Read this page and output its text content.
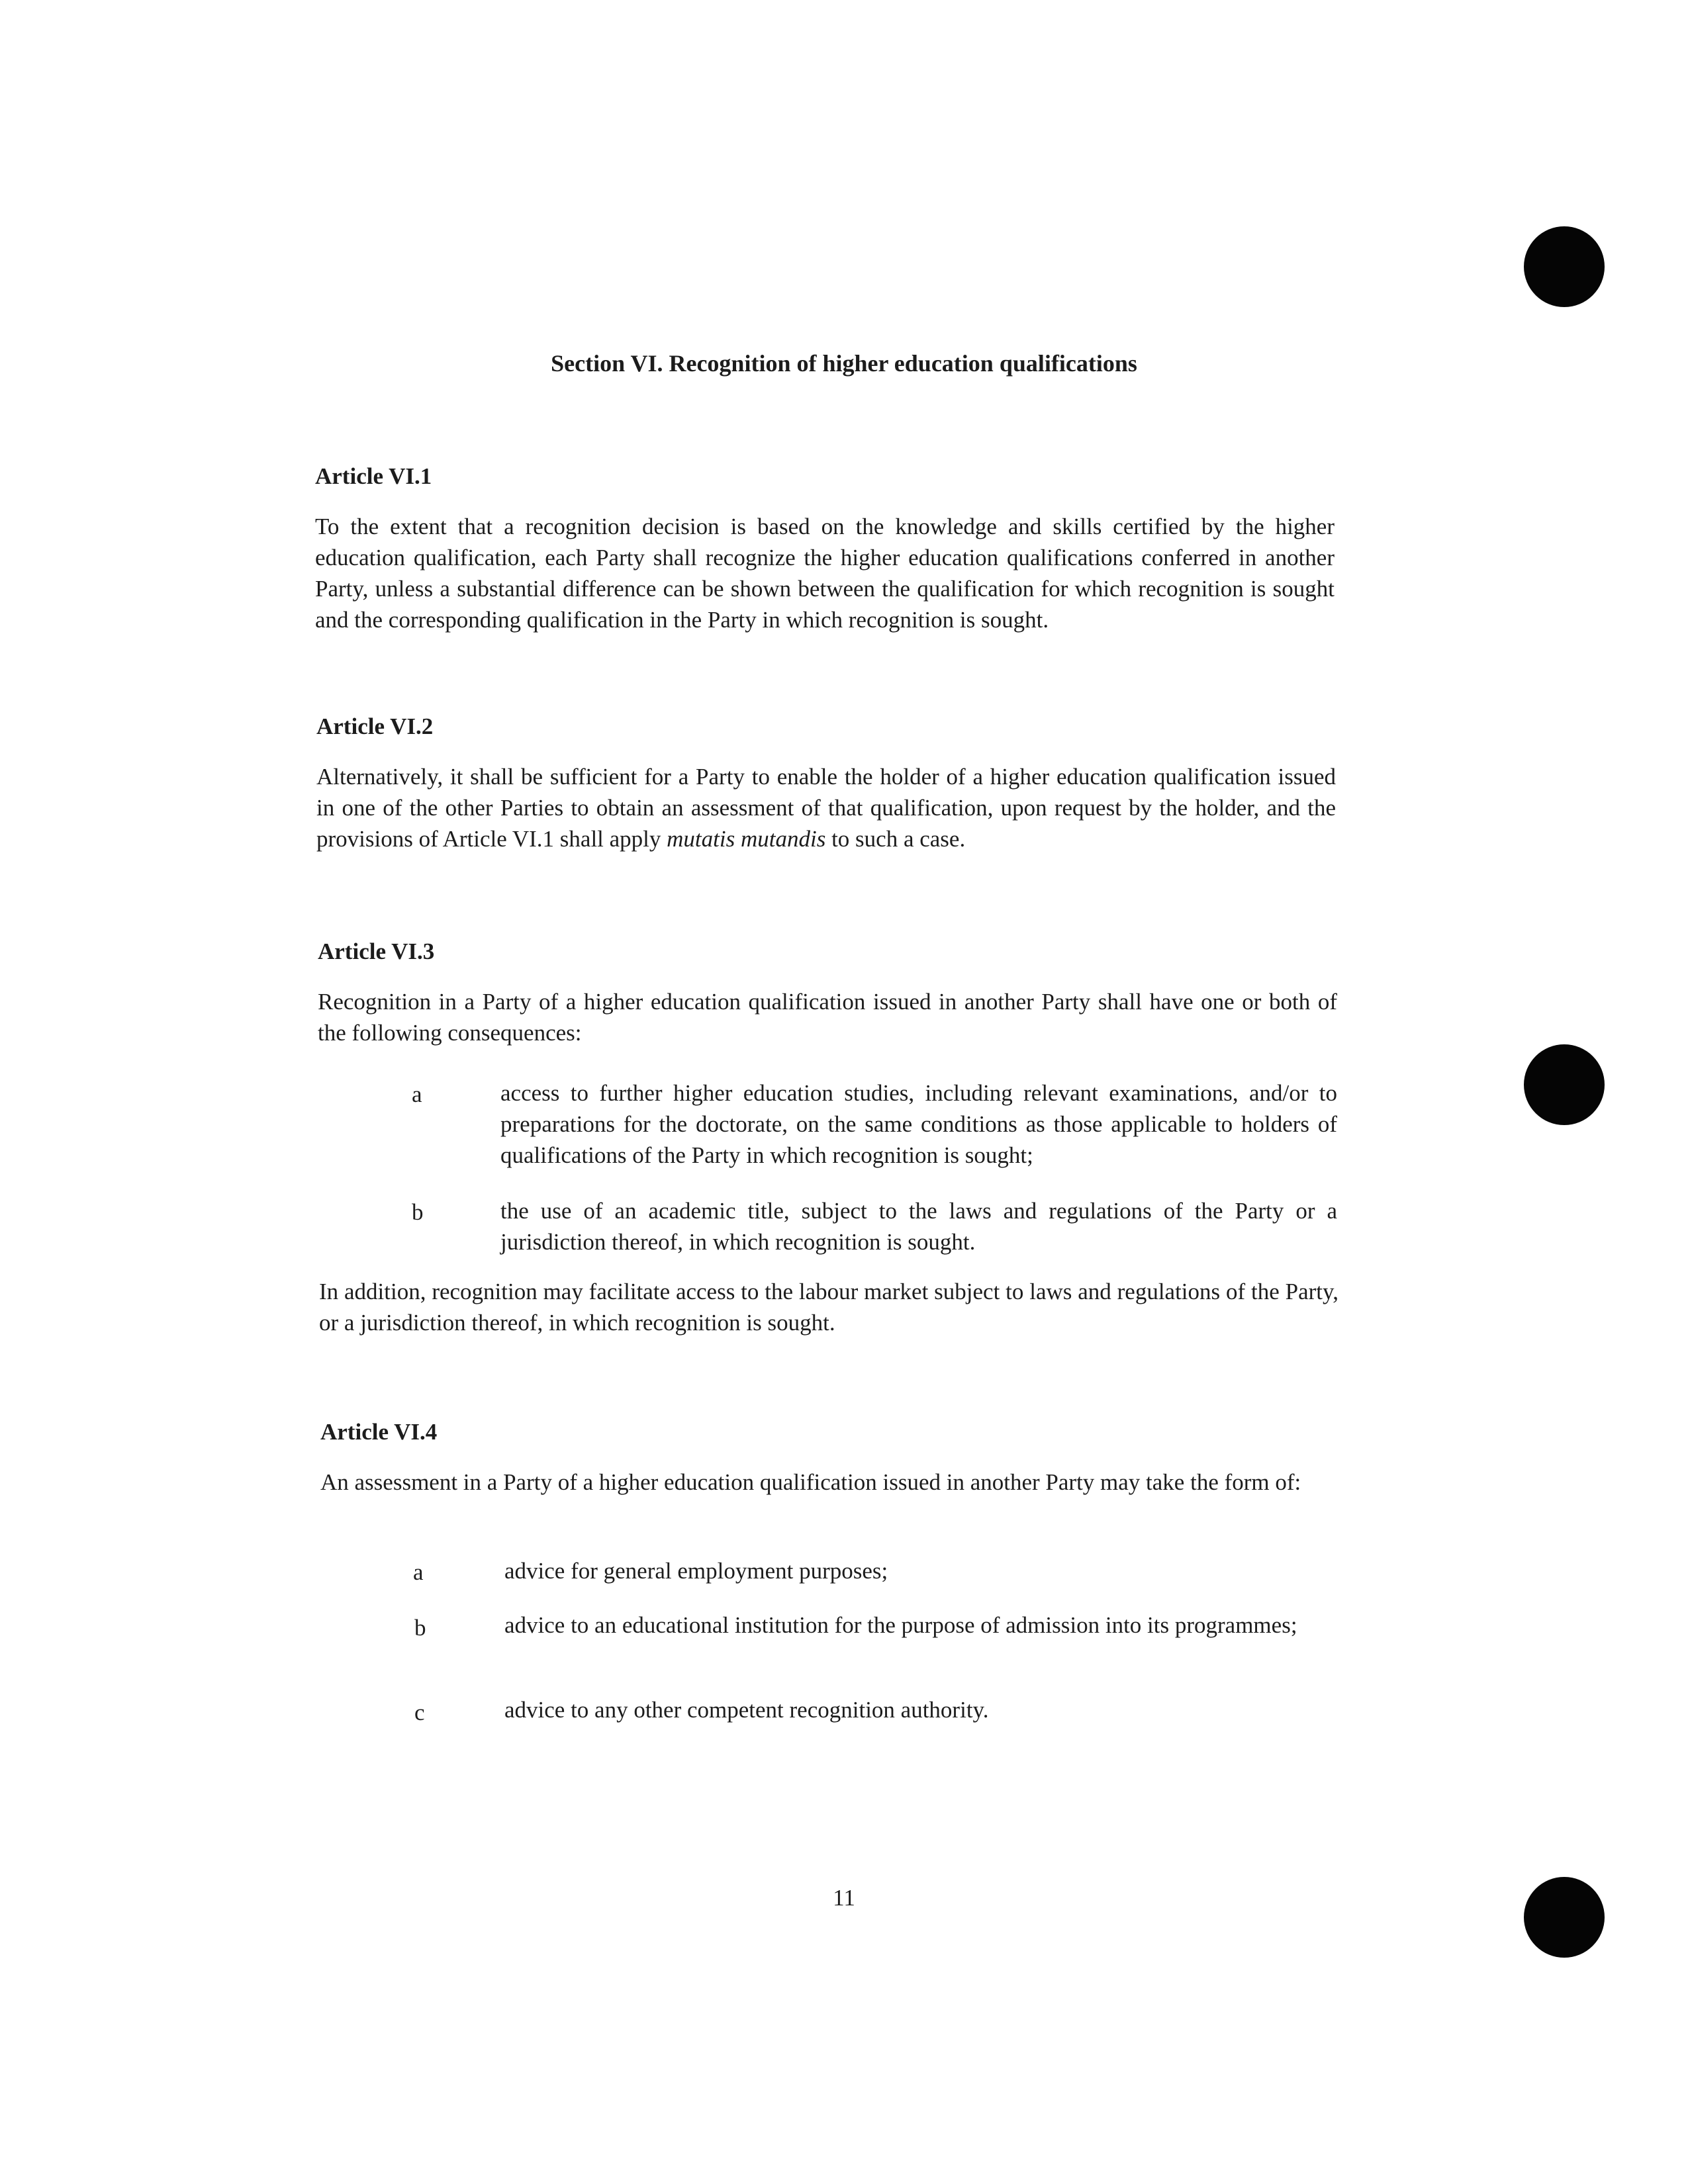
Section VI. Recognition of higher education qualifications
Article VI.1

To the extent that a recognition decision is based on the knowledge and skills certified by the higher education qualification, each Party shall recognize the higher education qualifications conferred in another Party, unless a substantial difference can be shown between the qualification for which recognition is sought and the corresponding qualification in the Party in which recognition is sought.

Article VI.2

Alternatively, it shall be sufficient for a Party to enable the holder of a higher education qualification issued in one of the other Parties to obtain an assessment of that qualification, upon request by the holder, and the provisions of Article VI.1 shall apply mutatis mutandis to such a case.

Article VI.3

Recognition in a Party of a higher education qualification issued in another Party shall have one or both of the following consequences:

a	access to further higher education studies, including relevant examinations, and/or to preparations for the doctorate, on the same conditions as those applicable to holders of qualifications of the Party in which recognition is sought;

b	the use of an academic title, subject to the laws and regulations of the Party or a jurisdiction thereof, in which recognition is sought.

In addition, recognition may facilitate access to the labour market subject to laws and regulations of the Party, or a jurisdiction thereof, in which recognition is sought.

Article VI.4

An assessment in a Party of a higher education qualification issued in another Party may take the form of:

a	advice for general employment purposes;

b	advice to an educational institution for the purpose of admission into its programmes;

c	advice to any other competent recognition authority.

11
